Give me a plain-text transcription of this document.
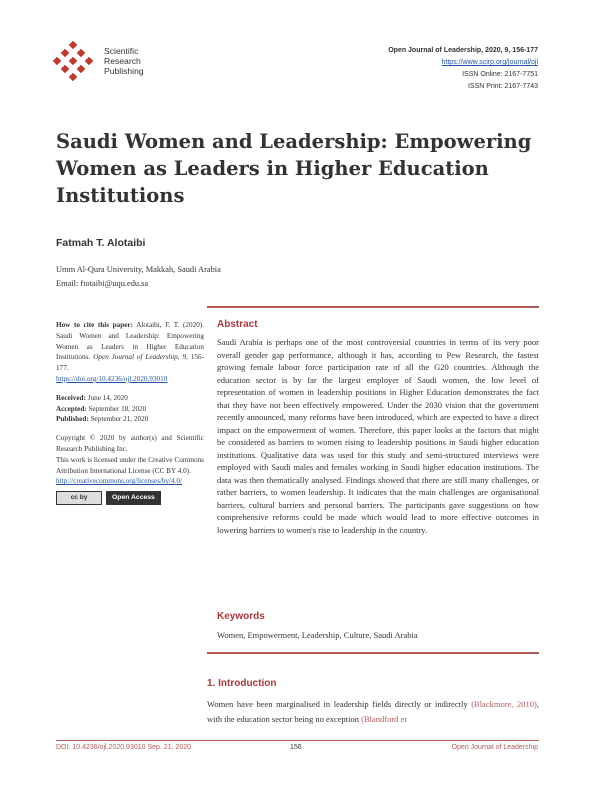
Scientific
Research
Publishing
Open Journal of Leadership, 2020, 9, 156-177
https://www.scirp.org/journal/ojl
ISSN Online: 2167-7751
ISSN Print: 2167-7743
Saudi Women and Leadership: Empowering Women as Leaders in Higher Education Institutions
Fatmah T. Alotaibi
Umm Al-Qura University, Makkah, Saudi Arabia
Email: ftotaibi@uqu.edu.sa
How to cite this paper: Alotaibi, F. T. (2020). Saudi Women and Leadership: Empowering Women as Leaders in Higher Education Institutions. Open Journal of Leadership, 9, 156-177.
https://doi.org/10.4236/ojl.2020.93010
Received: June 14, 2020
Accepted: September 18, 2020
Published: September 21, 2020
Copyright © 2020 by author(s) and Scientific Research Publishing Inc.
This work is licensed under the Creative Commons Attribution International License (CC BY 4.0).
http://creativecommons.org/licenses/by/4.0/
cc by	Open Access
Abstract
Saudi Arabia is perhaps one of the most controversial countries in terms of its very poor overall gender gap performance, although it has, according to Pew Research, the fastest growing female labour force participation rate of all the G20 countries. Although the education sector is by far the largest employer of Saudi women, the low level of representation of women in leadership positions in Higher Education demonstrates the fact that they have not been effectively empowered. Under the 2030 vision that the government recently announced, many reforms have been introduced, which are expected to have a direct impact on the empowerment of women. Therefore, this paper looks at the factors that might be considered as barriers to women rising to leadership positions in Saudi higher education institutions. Qualitative data was used for this study and semi-structured interviews were employed with Saudi males and females working in Saudi higher education institutions. The data was then thematically analysed. Findings showed that there are still many challenges, or rather barriers, to women leadership. It indicates that the main challenges are organisational barriers, cultural barriers and personal barriers. The participants gave suggestions on how comprehensive reforms could be made which would lead to more effective outcomes in lowering barriers to women's rise to leadership in the country.
Keywords
Women, Empowerment, Leadership, Culture, Saudi Arabia
1. Introduction
Women have been marginalised in leadership fields directly or indirectly (Blackmore, 2010), with the education sector being no exception (Blandford et
DOI: 10.4236/ojl.2020.93010 Sep. 21, 2020	156	Open Journal of Leadership
